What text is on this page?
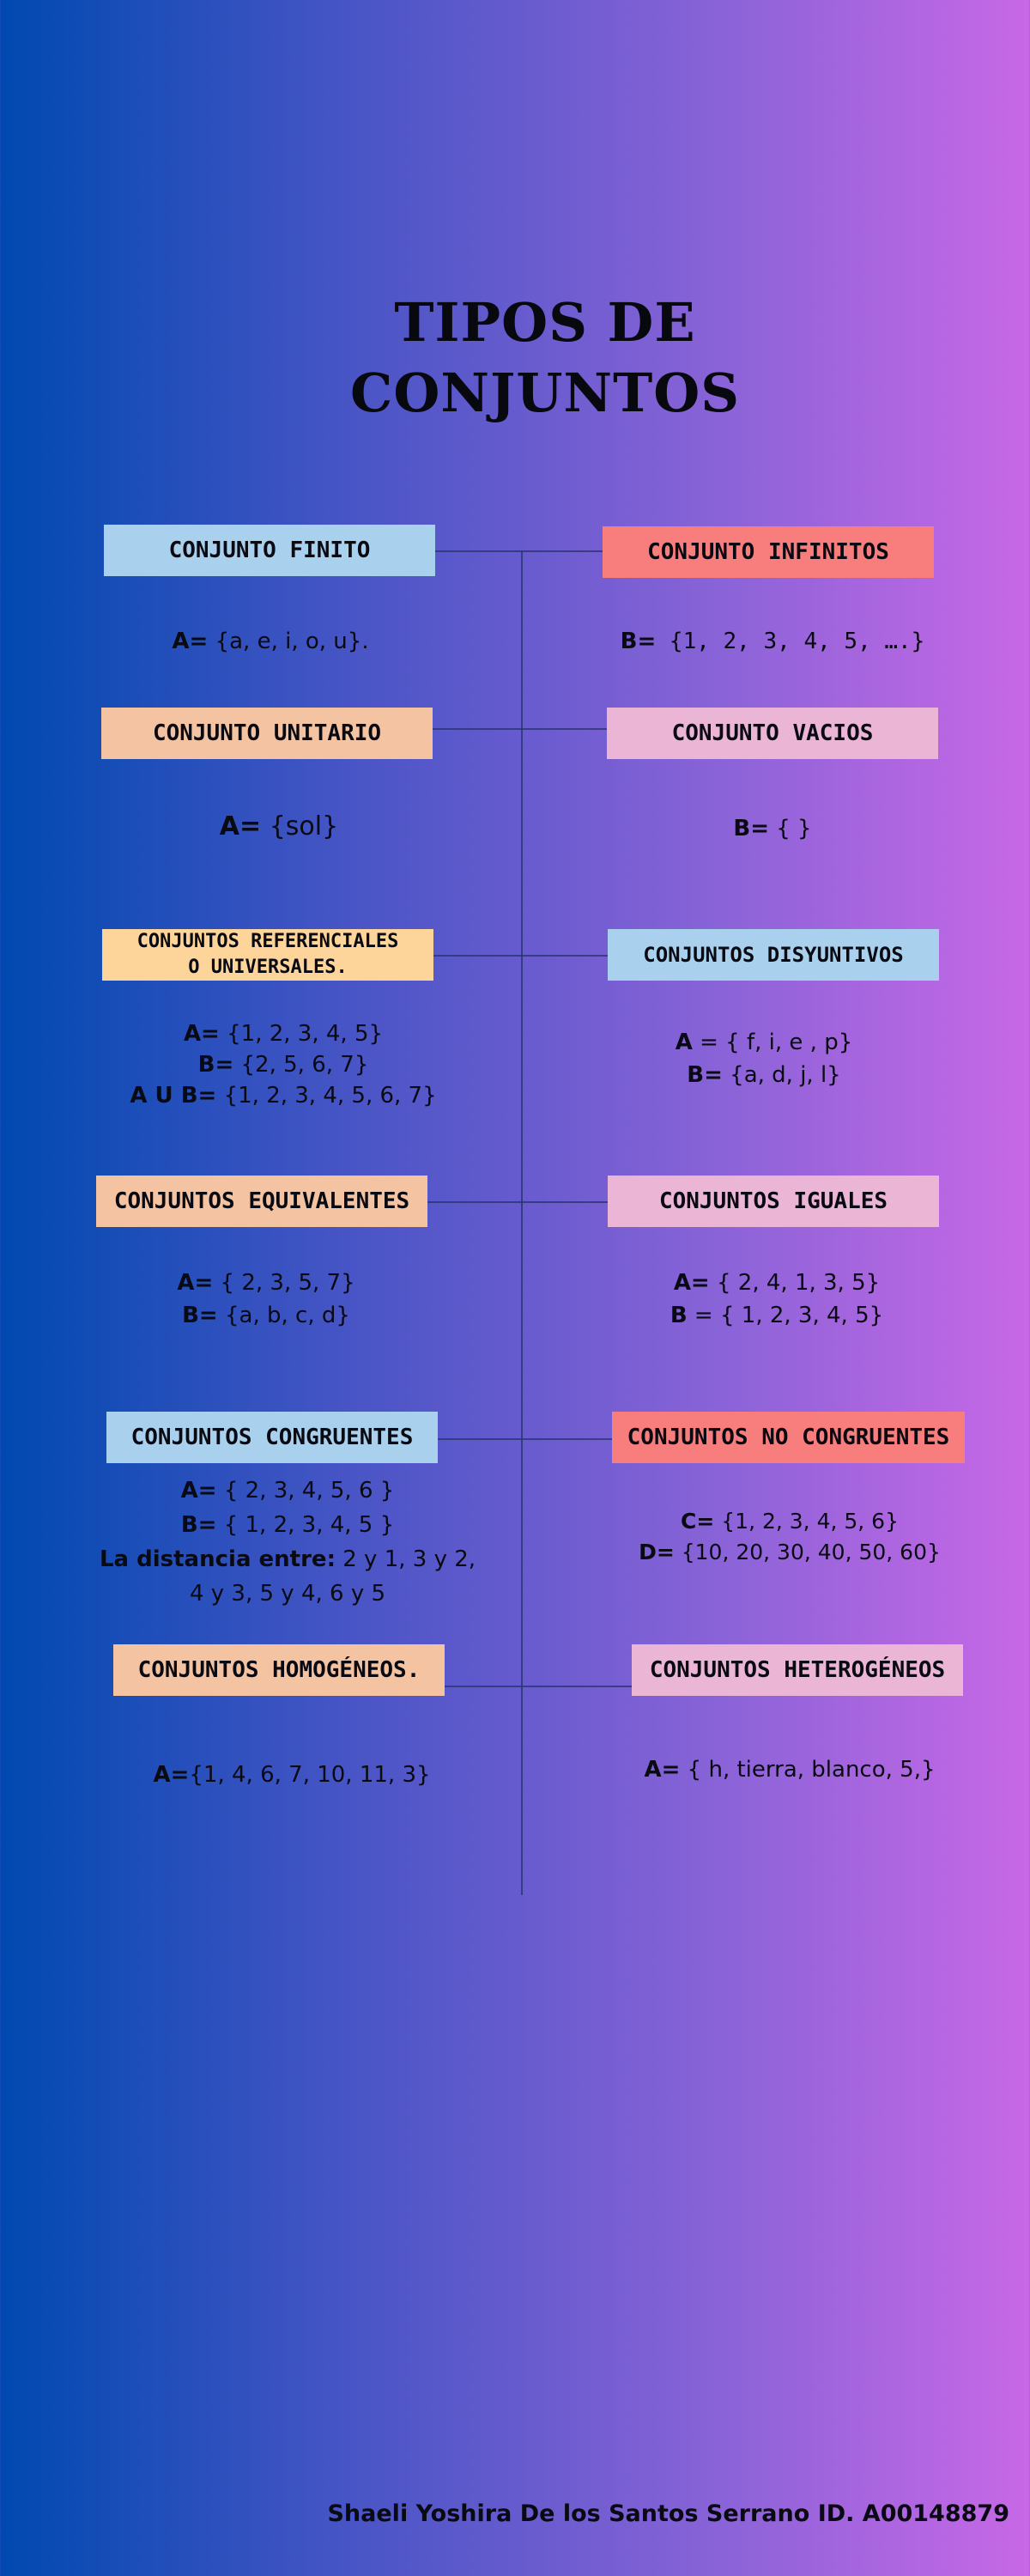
TIPOS DE
CONJUNTOS
CONJUNTO FINITO	CONJUNTO INFINITOS
A= {a, e, i, o, u}.	B= {1, 2, 3, 4, 5, ….}
CONJUNTO UNITARIO	CONJUNTO VACIOS
A= {sol}	B= { }
CONJUNTOS REFERENCIALES
O UNIVERSALES.
CONJUNTOS DISYUNTIVOS
A= {1, 2, 3, 4, 5}
B= {2, 5, 6, 7}
A U B= {1, 2, 3, 4, 5, 6, 7}
A = { f, i, e , p}
B= {a, d, j, l}
CONJUNTOS EQUIVALENTES	CONJUNTOS IGUALES
A= { 2, 3, 5, 7}
B= {a, b, c, d}
A= { 2, 4, 1, 3, 5}
B = { 1, 2, 3, 4, 5}
CONJUNTOS CONGRUENTES	CONJUNTOS NO CONGRUENTES
A= { 2, 3, 4, 5, 6 }
B= { 1, 2, 3, 4, 5 }
La distancia entre: 2 y 1, 3 y 2,
4 y 3, 5 y 4, 6 y 5
C= {1, 2, 3, 4, 5, 6}
D= {10, 20, 30, 40, 50, 60}
CONJUNTOS HOMOGÉNEOS.	CONJUNTOS HETEROGÉNEOS
A={1, 4, 6, 7, 10, 11, 3}	A= { h, tierra, blanco, 5,}
Shaeli Yoshira De los Santos Serrano ID. A00148879
